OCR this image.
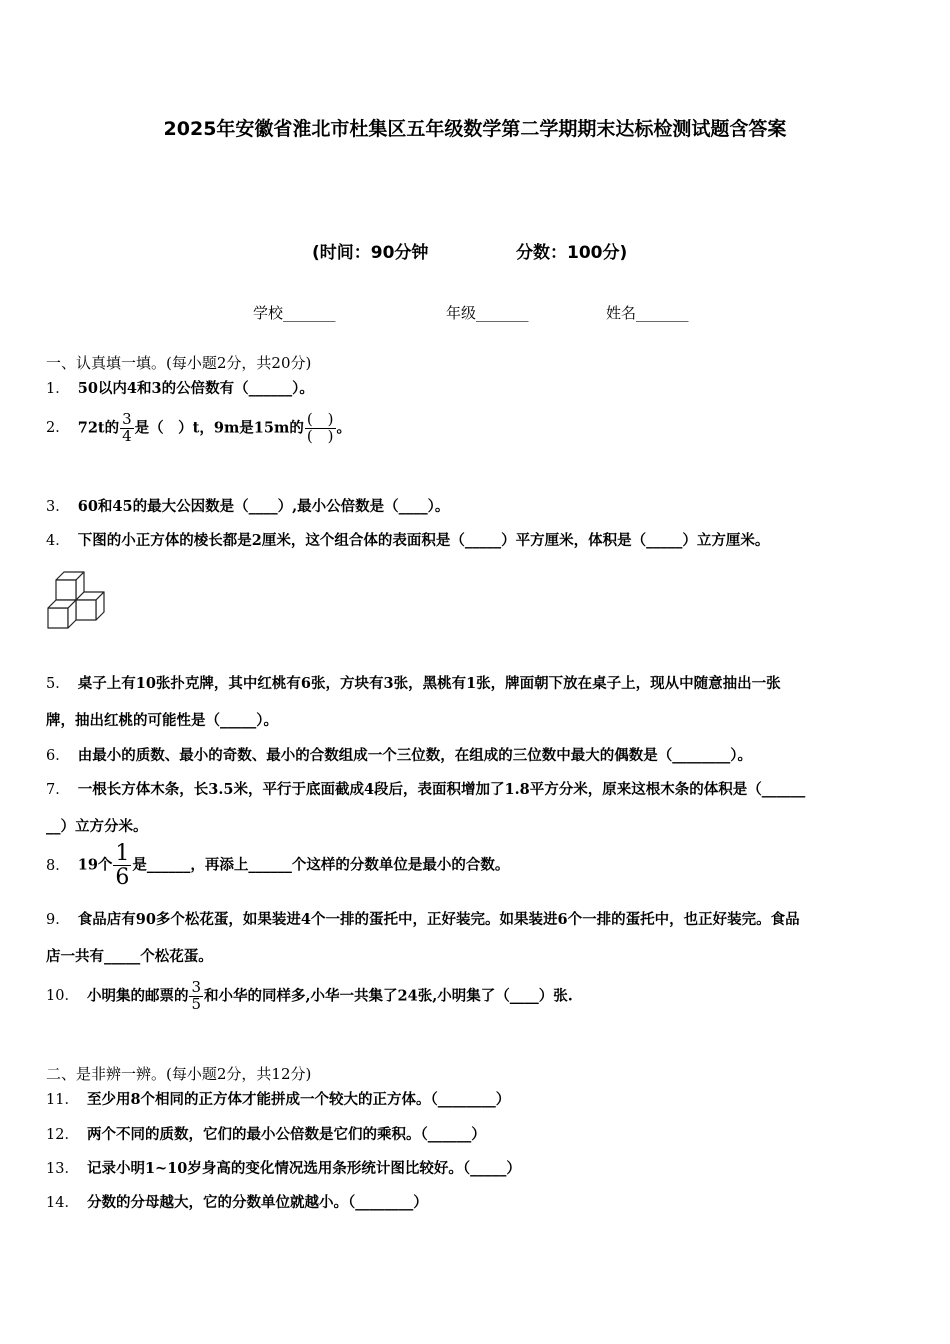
2025年安徽省淮北市杜集区五年级数学第二学期期末达标检测试题含答案
(时间：90分钟	分数：100分)
学校_______	年级_______	姓名_______
一、认真填一填。(每小题2分，共20分)
1． 50以内4和3的公倍数有（______）。
2． 72t的 $\frac{3}{4}$ 是（　）t，9m是15m的 $\frac{( )}{( )}$ 。
3． 60和45的最大公因数是（____）,最小公倍数是（____）。
4． 下图的小正方体的棱长都是2厘米，这个组合体的表面积是（_____）平方厘米，体积是（_____）立方厘米。
5． 桌子上有10张扑克牌，其中红桃有6张，方块有3张，黑桃有1张，牌面朝下放在桌子上，现从中随意抽出一张
牌，抽出红桃的可能性是（_____）。
6． 由最小的质数、最小的奇数、最小的合数组成一个三位数，在组成的三位数中最大的偶数是（________）。
7． 一根长方体木条，长3.5米，平行于底面截成4段后，表面积增加了1.8平方分米，原来这根木条的体积是（______
__）立方分米。
8． 19个 $\frac{1}{6}$ 是______，再添上______个这样的分数单位是最小的合数。
9． 食品店有90多个松花蛋，如果装进4个一排的蛋托中，正好装完。如果装进6个一排的蛋托中，也正好装完。食品
店一共有_____个松花蛋。
10． 小明集的邮票的 $\frac{3}{5}$ 和小华的同样多,小华一共集了24张,小明集了（____）张.
二、是非辨一辨。(每小题2分，共12分)
11． 至少用8个相同的正方体才能拼成一个较大的正方体。（________）
12． 两个不同的质数，它们的最小公倍数是它们的乘积。（______）
13． 记录小明1~10岁身高的变化情况选用条形统计图比较好。（_____）
14． 分数的分母越大，它的分数单位就越小。（________）
